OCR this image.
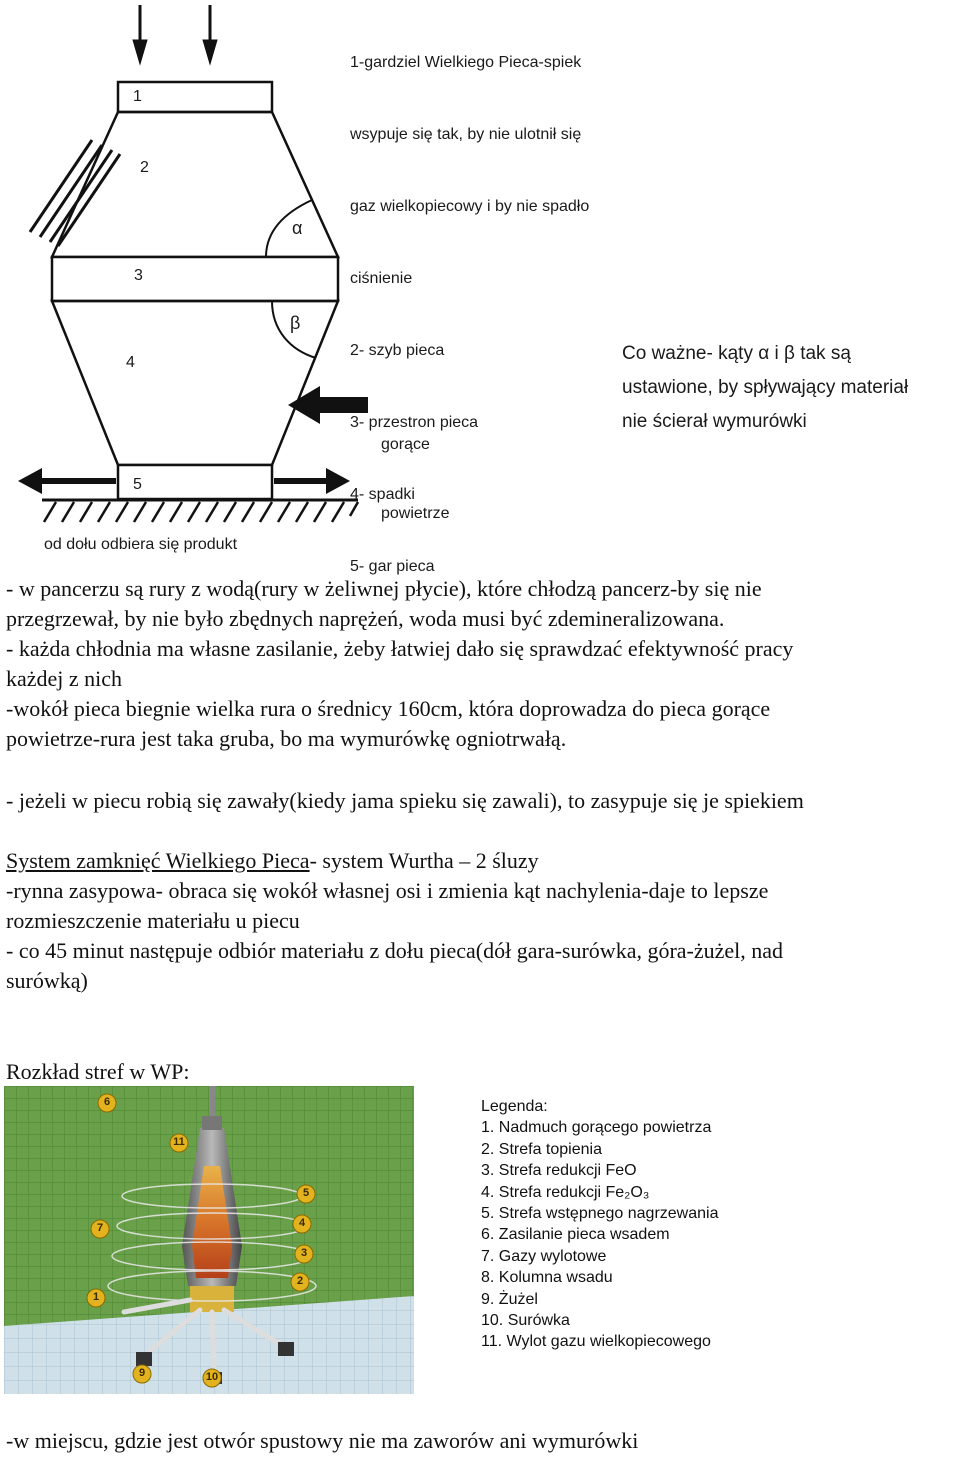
1
2
3
4
5
α
β

gorące

powietrze

od dołu odbiera się produkt

1-gardziel Wielkiego Pieca-spiek

wsypuje się tak, by nie ulotnił się

gaz wielkopiecowy i by nie spadło

ciśnienie

2- szyb pieca

3- przestron pieca

4- spadki

5- gar pieca

Co ważne- kąty α i β tak są
ustawione, by spływający materiał
nie ścierał wymurówki
- w pancerzu są rury z wodą(rury w żeliwnej płycie), które chłodzą pancerz-by się nie
przegrzewał, by nie było zbędnych naprężeń, woda musi być zdemineralizowana.
- każda chłodnia ma własne zasilanie, żeby łatwiej dało się sprawdzać efektywność pracy
każdej z nich
-wokół pieca biegnie wielka rura o średnicy 160cm, która doprowadza do pieca gorące
powietrze-rura jest taka gruba, bo ma wymurówkę ogniotrwałą.
- jeżeli w piecu robią się zawały(kiedy jama spieku się zawali), to zasypuje się je spiekiem
System zamknięć Wielkiego Pieca- system Wurtha – 2 śluzy
-rynna zasypowa- obraca się wokół własnej osi i zmienia kąt nachylenia-daje to lepsze
rozmieszczenie materiału u piecu
- co 45 minut następuje odbiór materiału z dołu pieca(dół gara-surówka, góra-żużel, nad
surówką)
Rozkład stref w WP:
6
11
7
5
4
3
2
1
9	10
Legenda:
1. Nadmuch gorącego powietrza
2. Strefa topienia
3. Strefa redukcji FeO
4. Strefa redukcji Fe₂O₃
5. Strefa wstępnego nagrzewania
6. Zasilanie pieca wsadem
7. Gazy wylotowe
8. Kolumna wsadu
9. Żużel
10. Surówka
11. Wylot gazu wielkopiecowego
-w miejscu, gdzie jest otwór spustowy nie ma zaworów ani wymurówki
